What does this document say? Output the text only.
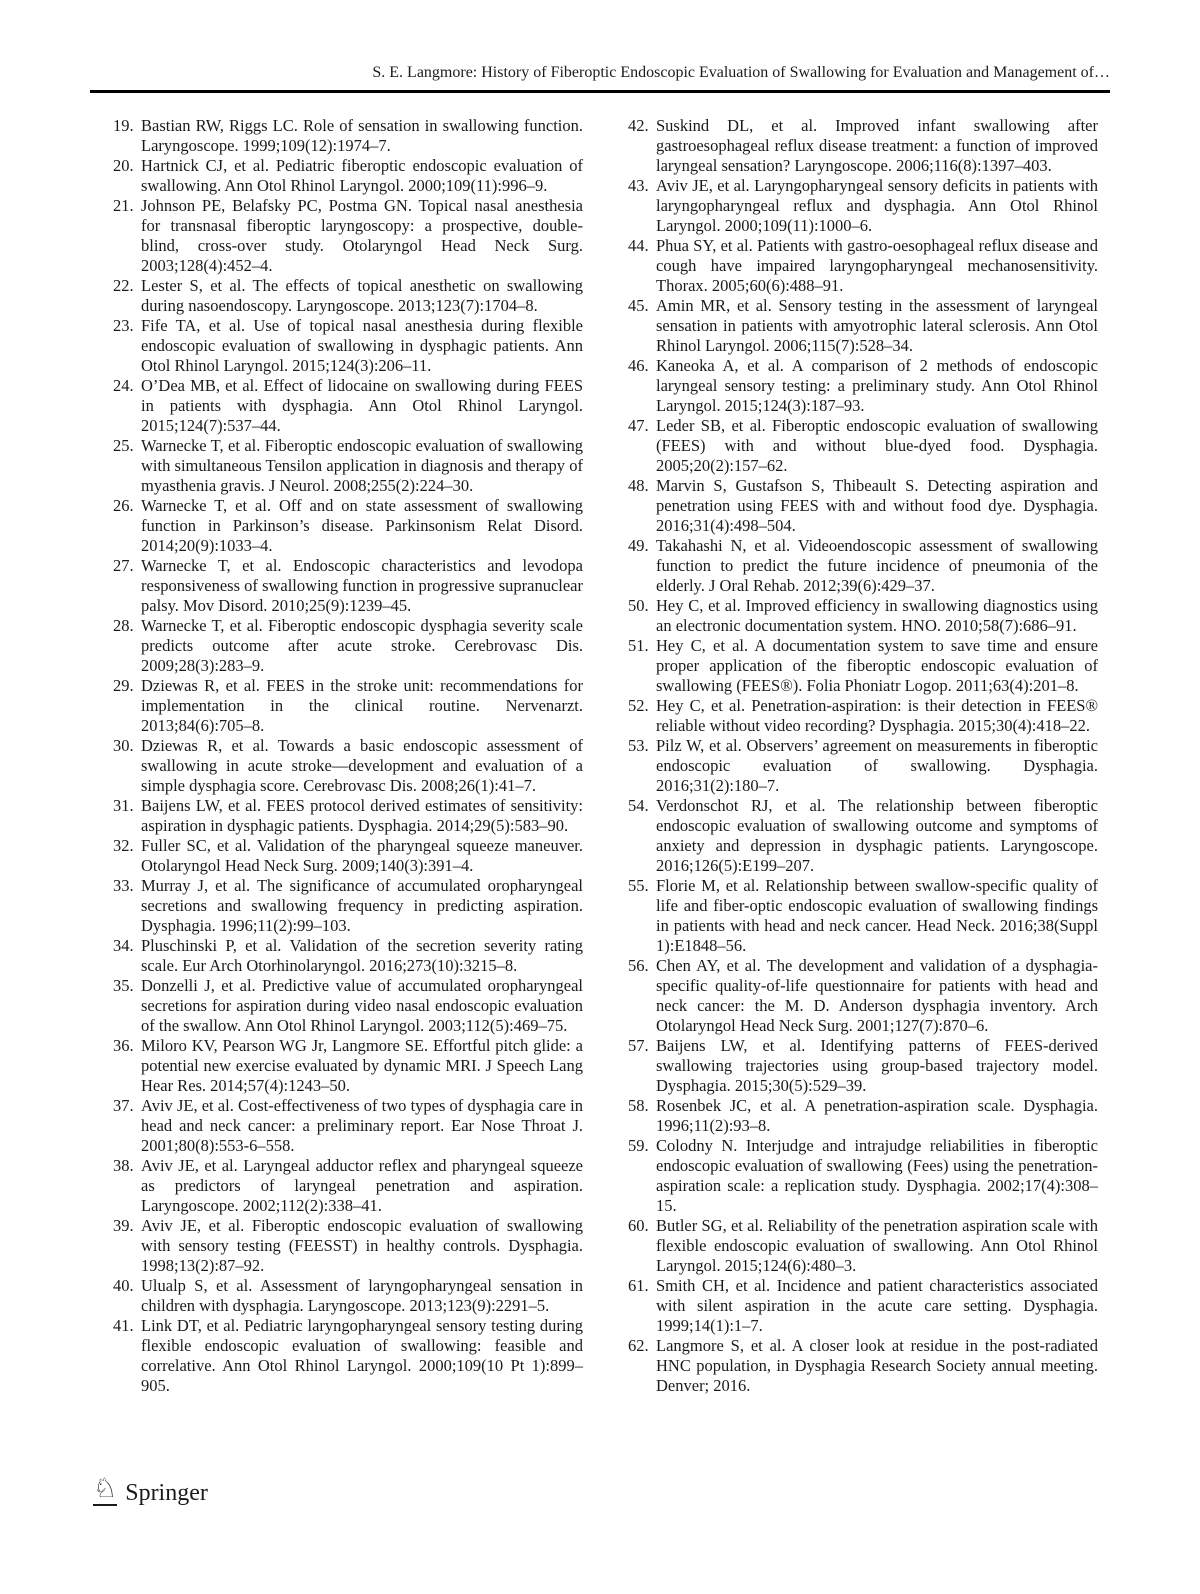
S. E. Langmore: History of Fiberoptic Endoscopic Evaluation of Swallowing for Evaluation and Management of…
19. Bastian RW, Riggs LC. Role of sensation in swallowing function. Laryngoscope. 1999;109(12):1974–7.
20. Hartnick CJ, et al. Pediatric fiberoptic endoscopic evaluation of swallowing. Ann Otol Rhinol Laryngol. 2000;109(11):996–9.
21. Johnson PE, Belafsky PC, Postma GN. Topical nasal anesthesia for transnasal fiberoptic laryngoscopy: a prospective, double-blind, cross-over study. Otolaryngol Head Neck Surg. 2003;128(4):452–4.
22. Lester S, et al. The effects of topical anesthetic on swallowing during nasoendoscopy. Laryngoscope. 2013;123(7):1704–8.
23. Fife TA, et al. Use of topical nasal anesthesia during flexible endoscopic evaluation of swallowing in dysphagic patients. Ann Otol Rhinol Laryngol. 2015;124(3):206–11.
24. O’Dea MB, et al. Effect of lidocaine on swallowing during FEES in patients with dysphagia. Ann Otol Rhinol Laryngol. 2015;124(7):537–44.
25. Warnecke T, et al. Fiberoptic endoscopic evaluation of swallowing with simultaneous Tensilon application in diagnosis and therapy of myasthenia gravis. J Neurol. 2008;255(2):224–30.
26. Warnecke T, et al. Off and on state assessment of swallowing function in Parkinson’s disease. Parkinsonism Relat Disord. 2014;20(9):1033–4.
27. Warnecke T, et al. Endoscopic characteristics and levodopa responsiveness of swallowing function in progressive supranuclear palsy. Mov Disord. 2010;25(9):1239–45.
28. Warnecke T, et al. Fiberoptic endoscopic dysphagia severity scale predicts outcome after acute stroke. Cerebrovasc Dis. 2009;28(3):283–9.
29. Dziewas R, et al. FEES in the stroke unit: recommendations for implementation in the clinical routine. Nervenarzt. 2013;84(6):705–8.
30. Dziewas R, et al. Towards a basic endoscopic assessment of swallowing in acute stroke—development and evaluation of a simple dysphagia score. Cerebrovasc Dis. 2008;26(1):41–7.
31. Baijens LW, et al. FEES protocol derived estimates of sensitivity: aspiration in dysphagic patients. Dysphagia. 2014;29(5):583–90.
32. Fuller SC, et al. Validation of the pharyngeal squeeze maneuver. Otolaryngol Head Neck Surg. 2009;140(3):391–4.
33. Murray J, et al. The significance of accumulated oropharyngeal secretions and swallowing frequency in predicting aspiration. Dysphagia. 1996;11(2):99–103.
34. Pluschinski P, et al. Validation of the secretion severity rating scale. Eur Arch Otorhinolaryngol. 2016;273(10):3215–8.
35. Donzelli J, et al. Predictive value of accumulated oropharyngeal secretions for aspiration during video nasal endoscopic evaluation of the swallow. Ann Otol Rhinol Laryngol. 2003;112(5):469–75.
36. Miloro KV, Pearson WG Jr, Langmore SE. Effortful pitch glide: a potential new exercise evaluated by dynamic MRI. J Speech Lang Hear Res. 2014;57(4):1243–50.
37. Aviv JE, et al. Cost-effectiveness of two types of dysphagia care in head and neck cancer: a preliminary report. Ear Nose Throat J. 2001;80(8):553-6–558.
38. Aviv JE, et al. Laryngeal adductor reflex and pharyngeal squeeze as predictors of laryngeal penetration and aspiration. Laryngoscope. 2002;112(2):338–41.
39. Aviv JE, et al. Fiberoptic endoscopic evaluation of swallowing with sensory testing (FEESST) in healthy controls. Dysphagia. 1998;13(2):87–92.
40. Ulualp S, et al. Assessment of laryngopharyngeal sensation in children with dysphagia. Laryngoscope. 2013;123(9):2291–5.
41. Link DT, et al. Pediatric laryngopharyngeal sensory testing during flexible endoscopic evaluation of swallowing: feasible and correlative. Ann Otol Rhinol Laryngol. 2000;109(10 Pt 1):899–905.
42. Suskind DL, et al. Improved infant swallowing after gastroesophageal reflux disease treatment: a function of improved laryngeal sensation? Laryngoscope. 2006;116(8):1397–403.
43. Aviv JE, et al. Laryngopharyngeal sensory deficits in patients with laryngopharyngeal reflux and dysphagia. Ann Otol Rhinol Laryngol. 2000;109(11):1000–6.
44. Phua SY, et al. Patients with gastro-oesophageal reflux disease and cough have impaired laryngopharyngeal mechanosensitivity. Thorax. 2005;60(6):488–91.
45. Amin MR, et al. Sensory testing in the assessment of laryngeal sensation in patients with amyotrophic lateral sclerosis. Ann Otol Rhinol Laryngol. 2006;115(7):528–34.
46. Kaneoka A, et al. A comparison of 2 methods of endoscopic laryngeal sensory testing: a preliminary study. Ann Otol Rhinol Laryngol. 2015;124(3):187–93.
47. Leder SB, et al. Fiberoptic endoscopic evaluation of swallowing (FEES) with and without blue-dyed food. Dysphagia. 2005;20(2):157–62.
48. Marvin S, Gustafson S, Thibeault S. Detecting aspiration and penetration using FEES with and without food dye. Dysphagia. 2016;31(4):498–504.
49. Takahashi N, et al. Videoendoscopic assessment of swallowing function to predict the future incidence of pneumonia of the elderly. J Oral Rehab. 2012;39(6):429–37.
50. Hey C, et al. Improved efficiency in swallowing diagnostics using an electronic documentation system. HNO. 2010;58(7):686–91.
51. Hey C, et al. A documentation system to save time and ensure proper application of the fiberoptic endoscopic evaluation of swallowing (FEES®). Folia Phoniatr Logop. 2011;63(4):201–8.
52. Hey C, et al. Penetration-aspiration: is their detection in FEES® reliable without video recording? Dysphagia. 2015;30(4):418–22.
53. Pilz W, et al. Observers’ agreement on measurements in fiberoptic endoscopic evaluation of swallowing. Dysphagia. 2016;31(2):180–7.
54. Verdonschot RJ, et al. The relationship between fiberoptic endoscopic evaluation of swallowing outcome and symptoms of anxiety and depression in dysphagic patients. Laryngoscope. 2016;126(5):E199–207.
55. Florie M, et al. Relationship between swallow-specific quality of life and fiber-optic endoscopic evaluation of swallowing findings in patients with head and neck cancer. Head Neck. 2016;38(Suppl 1):E1848–56.
56. Chen AY, et al. The development and validation of a dysphagia-specific quality-of-life questionnaire for patients with head and neck cancer: the M. D. Anderson dysphagia inventory. Arch Otolaryngol Head Neck Surg. 2001;127(7):870–6.
57. Baijens LW, et al. Identifying patterns of FEES-derived swallowing trajectories using group-based trajectory model. Dysphagia. 2015;30(5):529–39.
58. Rosenbek JC, et al. A penetration-aspiration scale. Dysphagia. 1996;11(2):93–8.
59. Colodny N. Interjudge and intrajudge reliabilities in fiberoptic endoscopic evaluation of swallowing (Fees) using the penetration-aspiration scale: a replication study. Dysphagia. 2002;17(4):308–15.
60. Butler SG, et al. Reliability of the penetration aspiration scale with flexible endoscopic evaluation of swallowing. Ann Otol Rhinol Laryngol. 2015;124(6):480–3.
61. Smith CH, et al. Incidence and patient characteristics associated with silent aspiration in the acute care setting. Dysphagia. 1999;14(1):1–7.
62. Langmore S, et al. A closer look at residue in the post-radiated HNC population, in Dysphagia Research Society annual meeting. Denver; 2016.
♘ Springer
